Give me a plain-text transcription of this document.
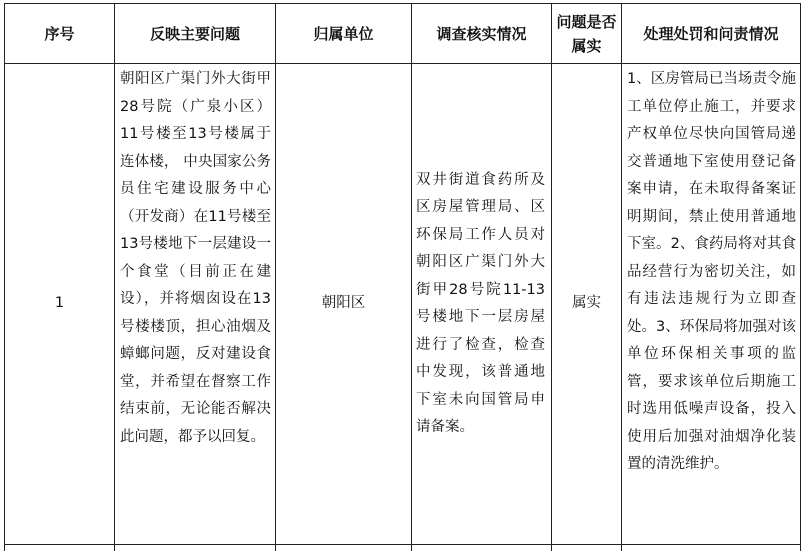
序号	反映主要问题	归属单位	调查核实情况	问题是否属实	处理处罚和问责情况
1	朝阳区广渠门外大街甲28号院（广泉小区）11号楼至13号楼属于连体楼， 中央国家公务员住宅建设服务中心（开发商）在11号楼至13号楼地下一层建设一个食堂（目前正在建设），并将烟囱设在13号楼楼顶，担心油烟及蟑螂问题，反对建设食堂，并希望在督察工作结束前，无论能否解决此问题，都予以回复。	朝阳区	双井街道食药所及区房屋管理局、区环保局工作人员对朝阳区广渠门外大街甲28号院11-13号楼地下一层房屋进行了检查，检查中发现，该普通地下室未向国管局申请备案。	属实	1、区房管局已当场责令施工单位停止施工，并要求产权单位尽快向国管局递交普通地下室使用登记备案申请，在未取得备案证明期间，禁止使用普通地下室。2、食药局将对其食品经营行为密切关注，如有违法违规行为立即查处。3、环保局将加强对该单位环保相关事项的监管，要求该单位后期施工时选用低噪声设备，投入使用后加强对油烟净化装置的清洗维护。
